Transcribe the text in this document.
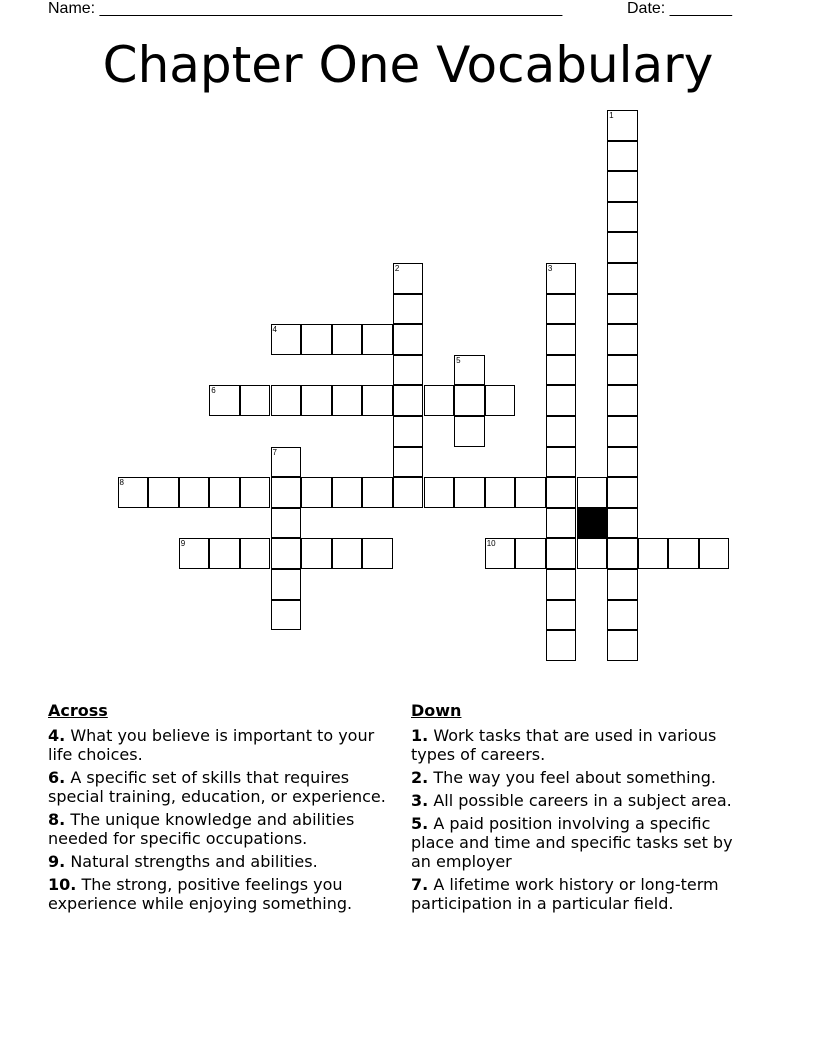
Name: ____________________________________________________	Date: _______
Chapter One Vocabulary
1
2	3
4
5
6
7
8
9	10
Across
4. What you believe is important to your life choices.
6. A specific set of skills that requires special training, education, or experience.
8. The unique knowledge and abilities needed for specific occupations.
9. Natural strengths and abilities.
10. The strong, positive feelings you experience while enjoying something.
Down
1. Work tasks that are used in various types of careers.
2. The way you feel about something.
3. All possible careers in a subject area.
5. A paid position involving a specific place and time and specific tasks set by an employer
7. A lifetime work history or long-term participation in a particular field.
